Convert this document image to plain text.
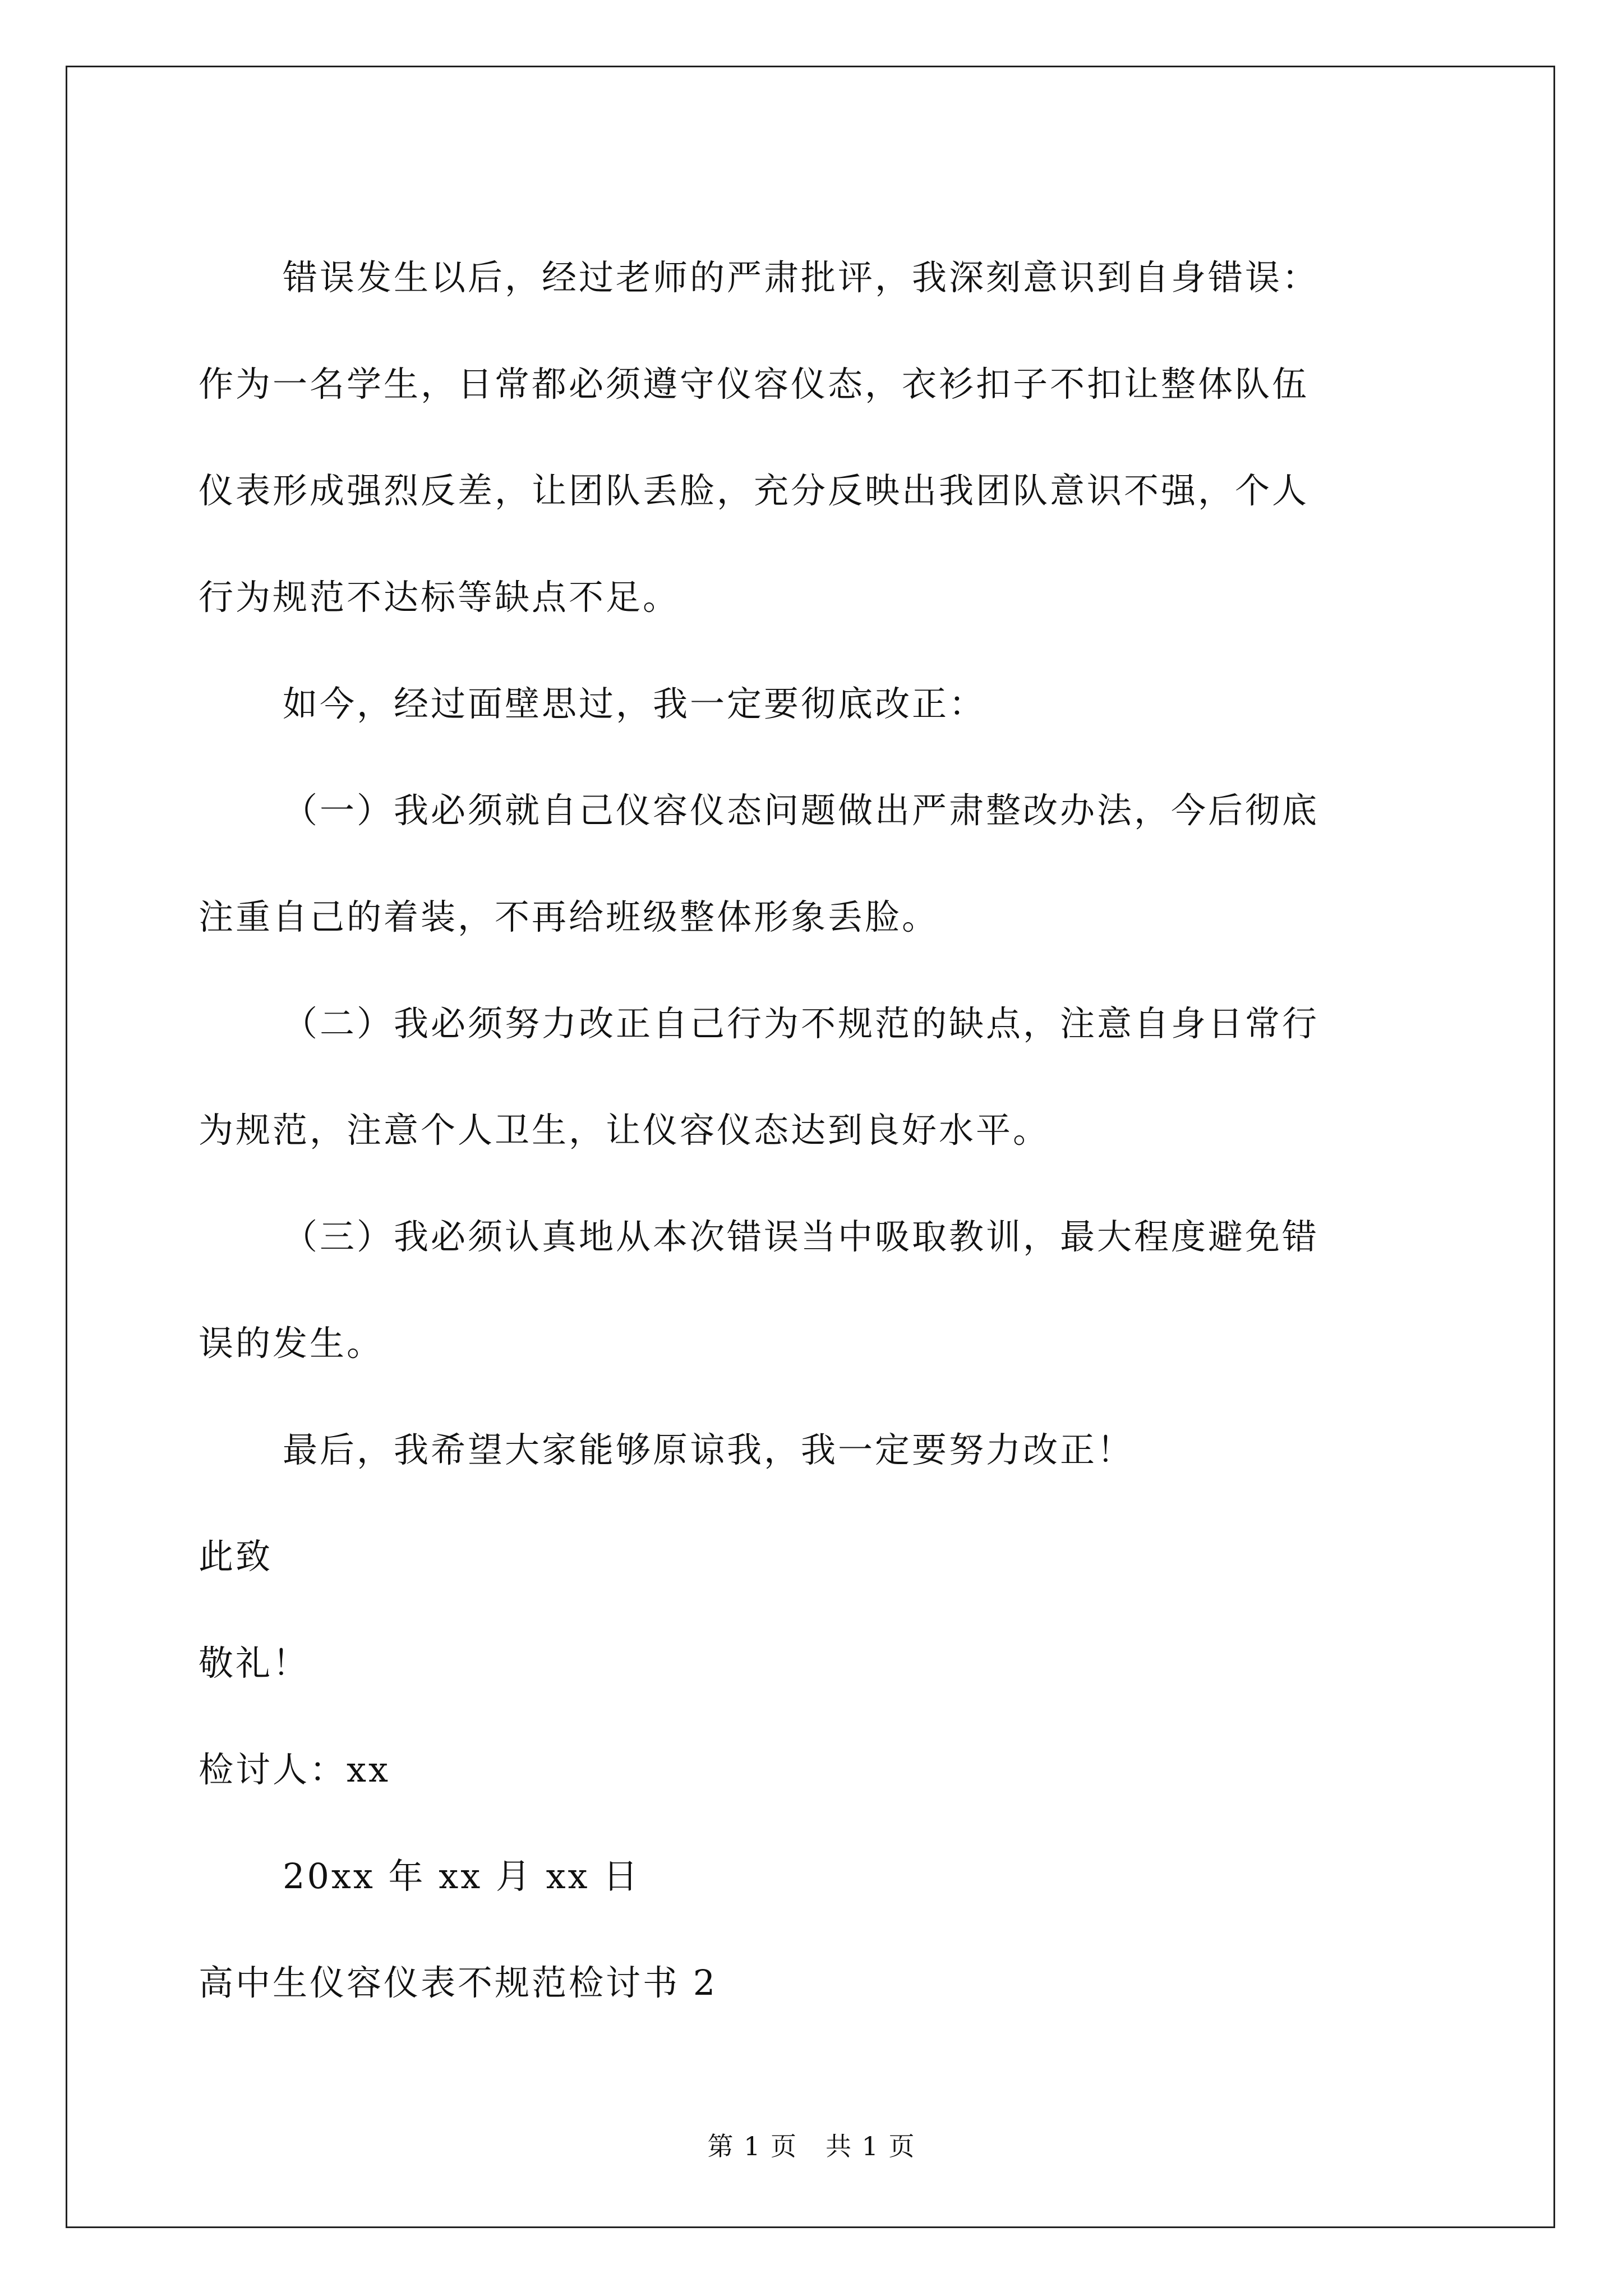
错误发生以后，经过老师的严肃批评，我深刻意识到自身错误：
作为一名学生，日常都必须遵守仪容仪态，衣衫扣子不扣让整体队伍
仪表形成强烈反差，让团队丢脸，充分反映出我团队意识不强，个人
行为规范不达标等缺点不足。
如今，经过面壁思过，我一定要彻底改正：
（一）我必须就自己仪容仪态问题做出严肃整改办法，今后彻底
注重自己的着装，不再给班级整体形象丢脸。
（二）我必须努力改正自己行为不规范的缺点，注意自身日常行
为规范，注意个人卫生，让仪容仪态达到良好水平。
（三）我必须认真地从本次错误当中吸取教训，最大程度避免错
误的发生。
最后，我希望大家能够原谅我，我一定要努力改正！
此致
敬礼！
检讨人：xx
20xx 年 xx 月 xx 日
高中生仪容仪表不规范检讨书 2
第 1 页 共 1 页
